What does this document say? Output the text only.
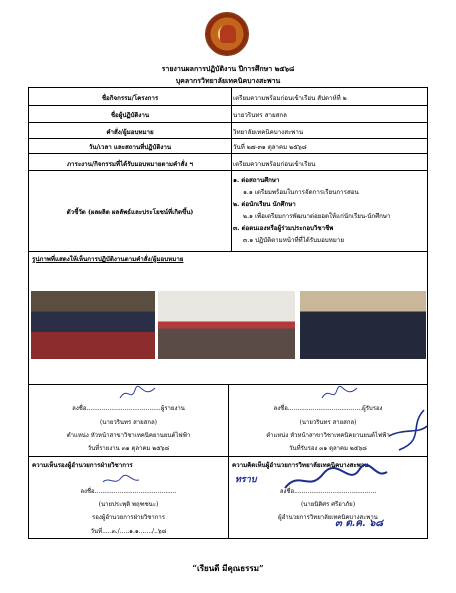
รายงานผลการปฏิบัติงาน ปีการศึกษา ๒๕๖๘
บุคลากรวิทยาลัยเทคนิคบางสะพาน
ชื่อกิจกรรม/โครงการ	เตรียมความพร้อมก่อนเข้าเรียน สัปดาห์ที่ ๒
ชื่อผู้ปฏิบัติงาน	นายวรินทร สายสกล
คำสั่ง/ผู้มอบหมาย	วิทยาลัยเทคนิคบางสะพาน
วัน/เวลา และสถานที่ปฏิบัติงาน	วันที่ ๒๗-๓๑ ตุลาคม ๒๕๖๘
ภาระงาน/กิจกรรมที่ได้รับมอบหมายตามคำสั่ง ฯ	เตรียมความพร้อมก่อนเข้าเรียน
ตัวชี้วัด (ผลผลิต ผลลัพธ์และประโยชน์ที่เกิดขึ้น)
๑. ต่อสถานศึกษา
๑.๑ เตรียมพร้อมในการจัดการเรียนการสอน
๒. ต่อนักเรียน นักศึกษา
๒.๑ เพื่อเตรียมการพัฒนาต่อยอดให้แก่นักเรียน-นักศึกษา
๓. ต่อตนเองหรือผู้ร่วมประกอบวิชาชีพ
๓.๑ ปฏิบัติตามหน้าที่ที่ได้รับมอบหมาย
รูปภาพที่แสดงให้เห็นการปฏิบัติงานตามคำสั่ง/ผู้มอบหมาย
ลงชื่อ.......................................ผู้รายงาน
(นายวรินทร สายสกล)
ตำแหน่ง หัวหน้าสาขาวิชาเทคนิคยานยนต์ไฟฟ้า
วันที่รายงาน ๓๑ ตุลาคม ๒๕๖๘
ลงชื่อ.......................................ผู้รับรอง
(นายวรินทร สายสกล)
ตำแหน่ง หัวหน้าสาขาวิชาเทคนิคยานยนต์ไฟฟ้า
วันที่รับรอง ๓๑ ตุลาคม ๒๕๖๘
ความเห็นรองผู้อำนวยการฝ่ายวิชาการ
ลงชื่อ...........................................
(นายประพุติ พฤฑชนะ)
รองผู้อำนวยการฝ่ายวิชาการ
วันที่.....๓./.....๑.๑......./..๖๘
ความคิดเห็นผู้อำนวยการวิทยาลัยเทคนิคบางสะพาน
ทราบ
ลงชื่อ...........................................
(นายนิติศร ศรีอาภัย)
ผู้อำนวยการวิทยาลัยเทคนิคบางสะพาน
๓ ต.ค. ๖๘
“เรียนดี มีคุณธรรม”
